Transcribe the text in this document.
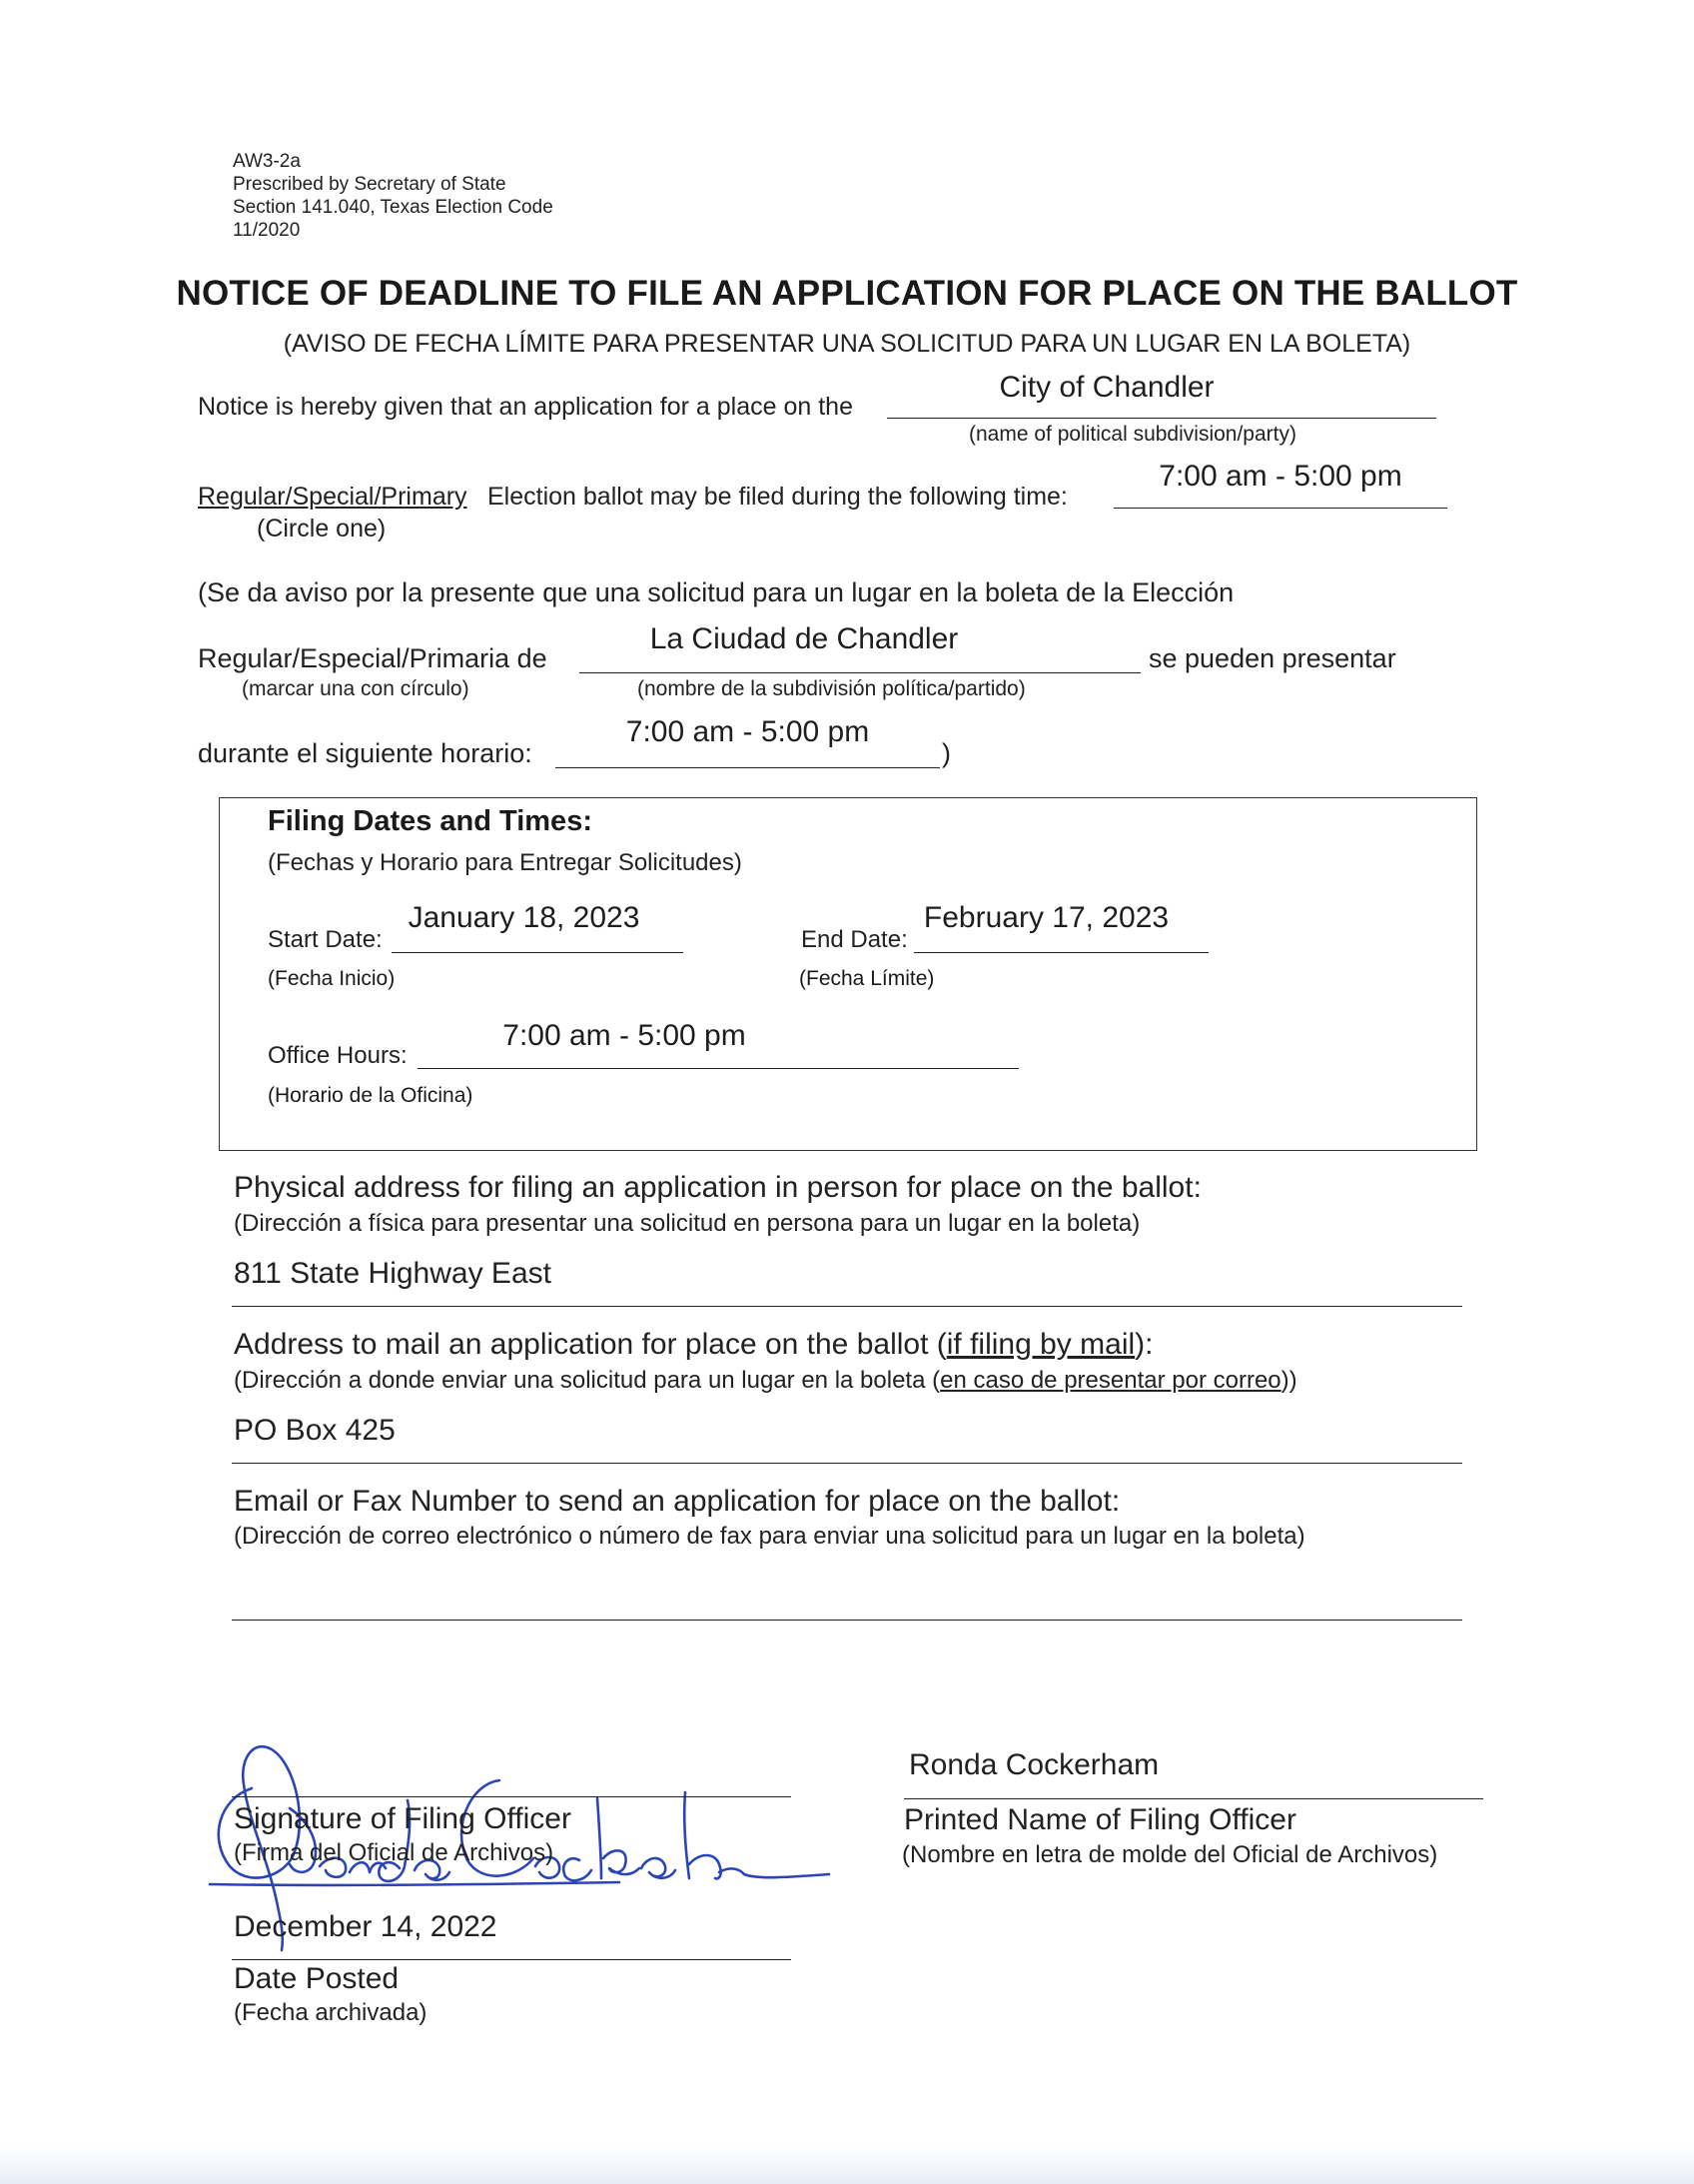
AW3-2a
Prescribed by Secretary of State
Section 141.040, Texas Election Code
11/2020
NOTICE OF DEADLINE TO FILE AN APPLICATION FOR PLACE ON THE BALLOT
(AVISO DE FECHA LÍMITE PARA PRESENTAR UNA SOLICITUD PARA UN LUGAR EN LA BOLETA)
Notice is hereby given that an application for a place on the
City of Chandler
(name of political subdivision/party)
Regular/Special/Primary Election ballot may be filed during the following time:
7:00 am - 5:00 pm
(Circle one)
(Se da aviso por la presente que una solicitud para un lugar en la boleta de la Elección
Regular/Especial/Primaria de
La Ciudad de Chandler
se pueden presentar
(marcar una con círculo)	(nombre de la subdivisión política/partido)
durante el siguiente horario:
7:00 am - 5:00 pm
)
Filing Dates and Times:
(Fechas y Horario para Entregar Solicitudes)
Start Date:
January 18, 2023
(Fecha Inicio)
End Date:
February 17, 2023
(Fecha Límite)
Office Hours:
7:00 am - 5:00 pm
(Horario de la Oficina)
Physical address for filing an application in person for place on the ballot:
(Dirección a física para presentar una solicitud en persona para un lugar en la boleta)
811 State Highway East
Address to mail an application for place on the ballot (if filing by mail):
(Dirección a donde enviar una solicitud para un lugar en la boleta (en caso de presentar por correo))
PO Box 425
Email or Fax Number to send an application for place on the ballot:
(Dirección de correo electrónico o número de fax para enviar una solicitud para un lugar en la boleta)
Signature of Filing Officer
(Firma del Oficial de Archivos)
Ronda Cockerham
Printed Name of Filing Officer
(Nombre en letra de molde del Oficial de Archivos)
December 14, 2022
Date Posted
(Fecha archivada)
